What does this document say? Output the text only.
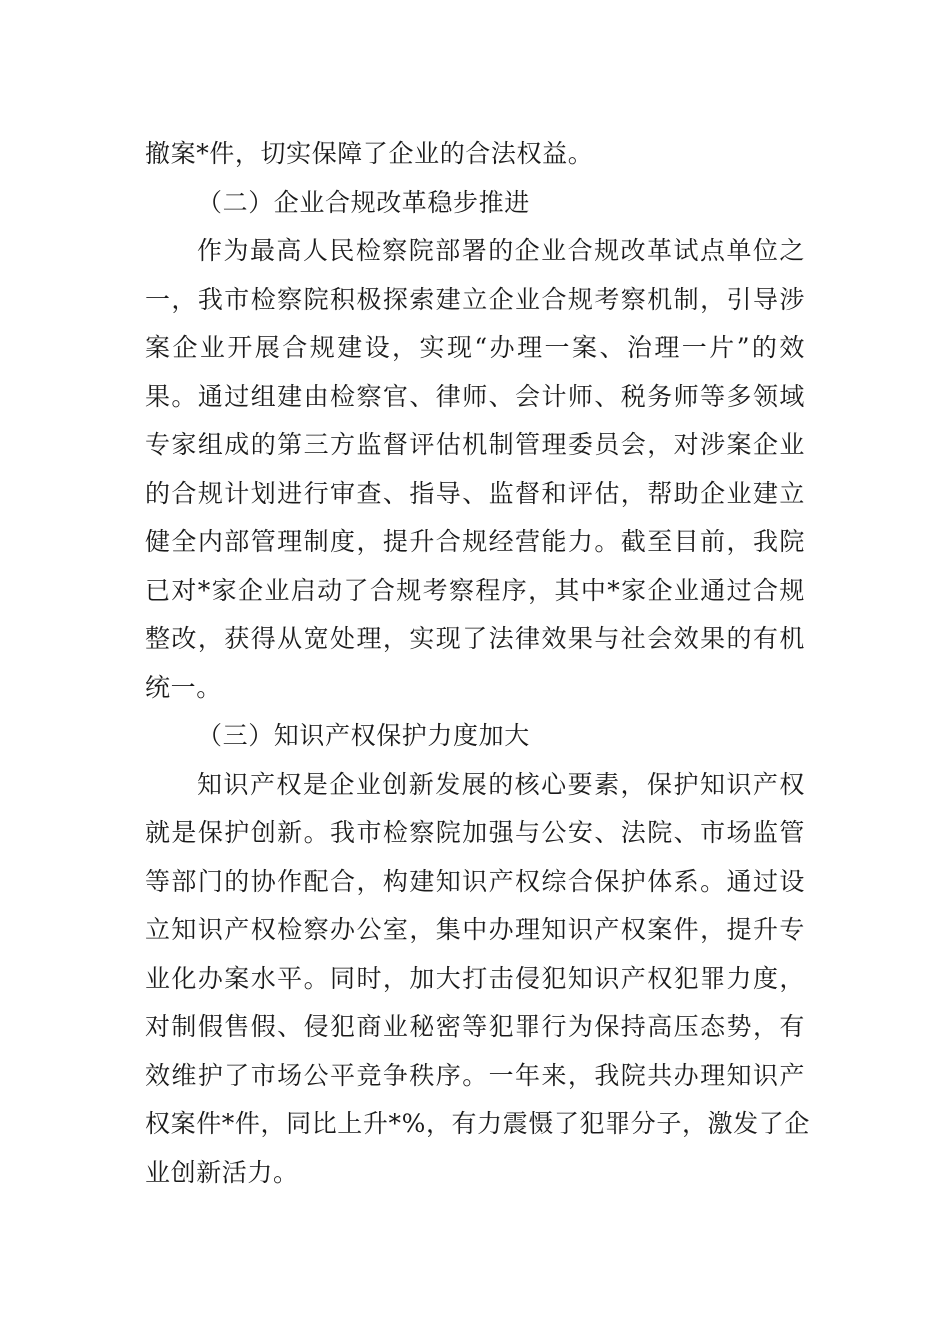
撤案*件，切实保障了企业的合法权益。
（二）企业合规改革稳步推进
作为最高人民检察院部署的企业合规改革试点单位之
一，我市检察院积极探索建立企业合规考察机制，引导涉
案企业开展合规建设，实现“办理一案、治理一片”的效
果。通过组建由检察官、律师、会计师、税务师等多领域
专家组成的第三方监督评估机制管理委员会，对涉案企业
的合规计划进行审查、指导、监督和评估，帮助企业建立
健全内部管理制度，提升合规经营能力。截至目前，我院
已对*家企业启动了合规考察程序，其中*家企业通过合规
整改，获得从宽处理，实现了法律效果与社会效果的有机
统一。
（三）知识产权保护力度加大
知识产权是企业创新发展的核心要素，保护知识产权
就是保护创新。我市检察院加强与公安、法院、市场监管
等部门的协作配合，构建知识产权综合保护体系。通过设
立知识产权检察办公室，集中办理知识产权案件，提升专
业化办案水平。同时，加大打击侵犯知识产权犯罪力度，
对制假售假、侵犯商业秘密等犯罪行为保持高压态势，有
效维护了市场公平竞争秩序。一年来，我院共办理知识产
权案件*件，同比上升*%，有力震慑了犯罪分子，激发了企
业创新活力。
